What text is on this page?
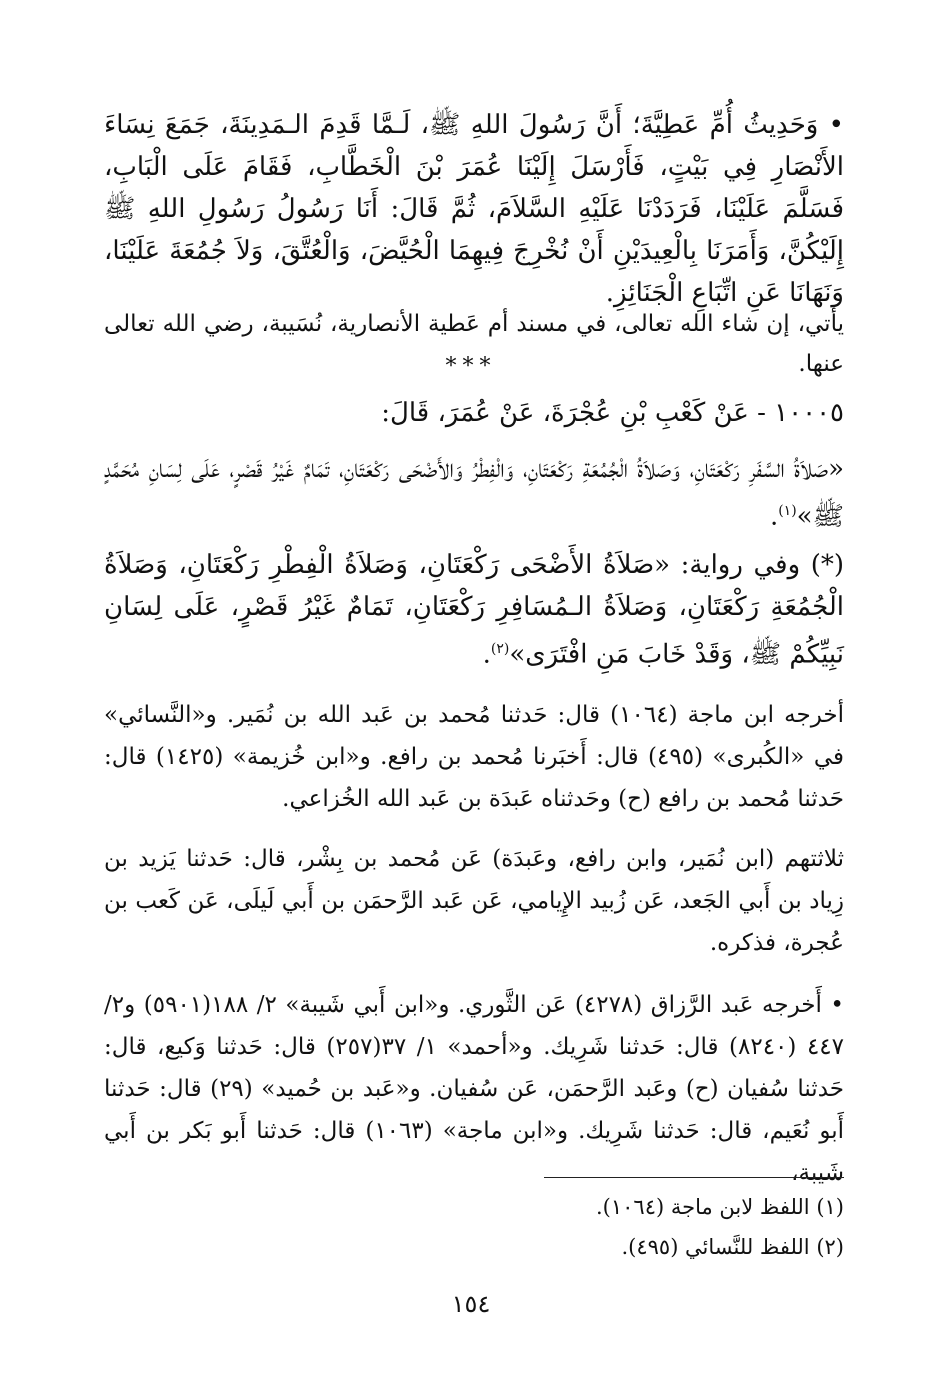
• وَحَدِيثُ أُمِّ عَطِيَّةَ؛ أَنَّ رَسُولَ اللهِ ﷺ، لَـمَّا قَدِمَ الـمَدِينَةَ، جَمَعَ نِسَاءَ الأَنْصَارِ فِي بَيْتٍ، فَأَرْسَلَ إِلَيْنَا عُمَرَ بْنَ الْخَطَّابِ، فَقَامَ عَلَى الْبَابِ، فَسَلَّمَ عَلَيْنَا، فَرَدَدْنَا عَلَيْهِ السَّلاَمَ، ثُمَّ قَالَ: أَنَا رَسُولُ رَسُولِ اللهِ ﷺ إِلَيْكُنَّ، وَأَمَرَنَا بِالْعِيدَيْنِ أَنْ نُخْرِجَ فِيهِمَا الْحُيَّضَ، وَالْعُتَّقَ، وَلاَ جُمُعَةَ عَلَيْنَا، وَنَهَانَا عَنِ اتِّبَاعِ الْجَنَائِزِ.
يأتي، إن شاء الله تعالى، في مسند أم عَطية الأنصارية، نُسَيبة، رضي الله تعالى عنها.
***
١٠٠٠٥ - عَنْ كَعْبِ بْنِ عُجْرَةَ، عَنْ عُمَرَ، قَالَ:
«صَلاَةُ السَّفَرِ رَكْعَتَانِ، وَصَلاَةُ الْجُمُعَةِ رَكْعَتَانِ، وَالْفِطْرُ وَالأَضْحَى رَكْعَتَانِ، تَمَامٌ غَيْرُ قَصْرٍ، عَلَى لِسَانِ مُحَمَّدٍ ﷺ»$^{(١)}$.
(*) وفي رواية: «صَلاَةُ الأَضْحَى رَكْعَتَانِ، وَصَلاَةُ الْفِطْرِ رَكْعَتَانِ، وَصَلاَةُ الْجُمُعَةِ رَكْعَتَانِ، وَصَلاَةُ الـمُسَافِرِ رَكْعَتَانِ، تَمَامٌ غَيْرُ قَصْرٍ، عَلَى لِسَانِ نَبِيِّكُمْ ﷺ، وَقَدْ خَابَ مَنِ افْتَرَى»$^{(٢)}$.
أخرجه ابن ماجة (١٠٦٤) قال: حَدثنا مُحمد بن عَبد الله بن نُمَير. و«النَّسائي» في «الكُبرى» (٤٩٥) قال: أَخبَرنا مُحمد بن رافع. و«ابن خُزيمة» (١٤٢٥) قال: حَدثنا مُحمد بن رافع (ح) وحَدثناه عَبدَة بن عَبد الله الخُزاعي.
ثلاثتهم (ابن نُمَير، وابن رافع، وعَبدَة) عَن مُحمد بن بِشْر، قال: حَدثنا يَزيد بن زِياد بن أَبي الجَعد، عَن زُبيد الإِيامي، عَن عَبد الرَّحمَن بن أَبي لَيلَى، عَن كَعب بن عُجرة، فذكره.
• أَخرجه عَبد الرَّزاق (٤٢٧٨) عَن الثَّوري. و«ابن أَبي شَيبة» ٢/ ١٨٨(٥٩٠١) و٢/ ٤٤٧ (٨٢٤٠) قال: حَدثنا شَرِيك. و«أحمد» ١/ ٣٧(٢٥٧) قال: حَدثنا وَكيع، قال: حَدثنا سُفيان (ح) وعَبد الرَّحمَن، عَن سُفيان. و«عَبد بن حُميد» (٢٩) قال: حَدثنا أَبو نُعَيم، قال: حَدثنا شَرِيك. و«ابن ماجة» (١٠٦٣) قال: حَدثنا أَبو بَكر بن أَبي شَيبة،
(١) اللفظ لابن ماجة (١٠٦٤).
(٢) اللفظ للنَّسائي (٤٩٥).
١٥٤
